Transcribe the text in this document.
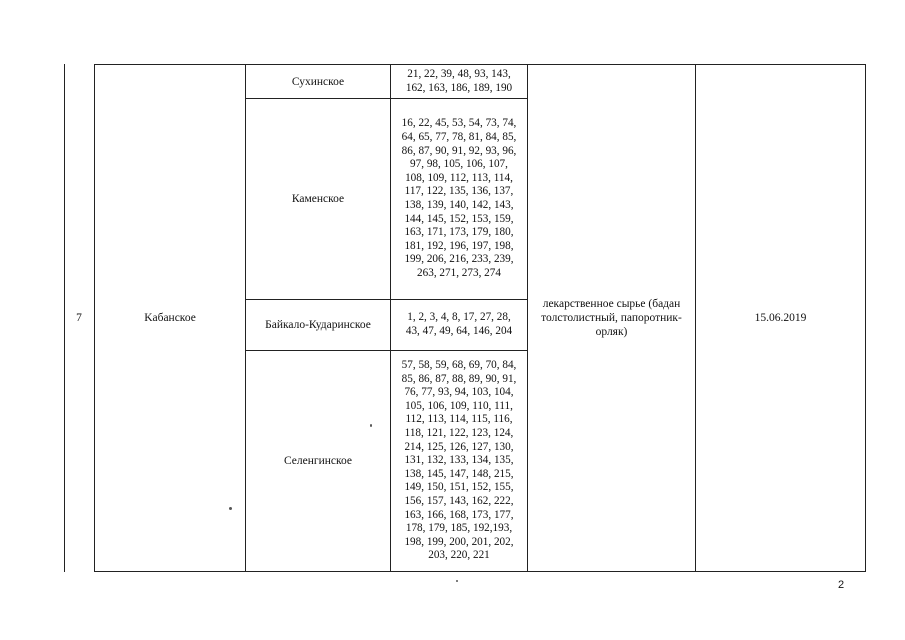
7	Kабанское
лекарственное сырье (бадан толстолистный, папоротник-орляк)
15.06.2019
Сухинское
21, 22, 39, 48, 93, 143,
162, 163, 186, 189, 190
Каменское
16, 22, 45, 53, 54, 73, 74,
64, 65, 77, 78, 81, 84, 85,
86, 87, 90, 91, 92, 93, 96,
97, 98, 105, 106, 107,
108, 109, 112, 113, 114,
117, 122, 135, 136, 137,
138, 139, 140, 142, 143,
144, 145, 152, 153, 159,
163, 171, 173, 179, 180,
181, 192, 196, 197, 198,
199, 206, 216, 233, 239,
263, 271, 273, 274
Байкало-Кударинское
1, 2, 3, 4, 8, 17, 27, 28,
43, 47, 49, 64, 146, 204
Селенгинское
57, 58, 59, 68, 69, 70, 84,
85, 86, 87, 88, 89, 90, 91,
76, 77, 93, 94, 103, 104,
105, 106, 109, 110, 111,
112, 113, 114, 115, 116,
118, 121, 122, 123, 124,
214, 125, 126, 127, 130,
131, 132, 133, 134, 135,
138, 145, 147, 148, 215,
149, 150, 151, 152, 155,
156, 157, 143, 162, 222,
163, 166, 168, 173, 177,
178, 179, 185, 192,193,
198, 199, 200, 201, 202,
203, 220, 221
2
